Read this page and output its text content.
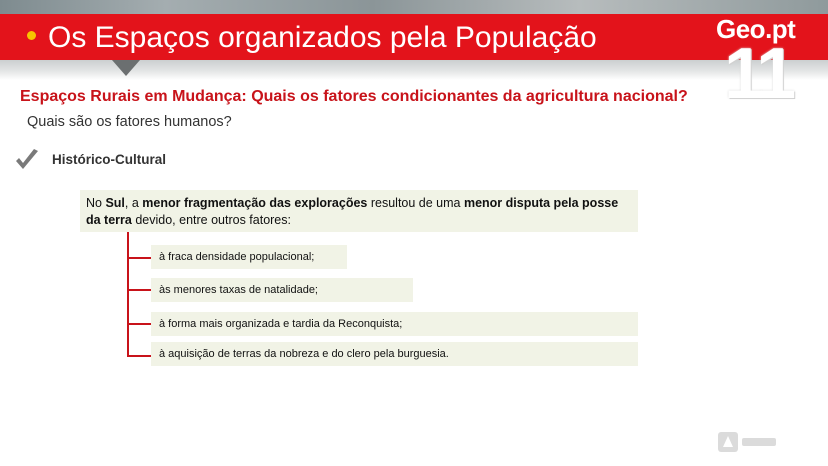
Os Espaços organizados pela População	Geo.pt
11
Espaços Rurais em Mudança: Quais os fatores condicionantes da agricultura nacional?
Quais são os fatores humanos?
Histórico-Cultural
No Sul, a menor fragmentação das explorações resultou de uma menor disputa pela posse da terra devido, entre outros fatores:
à fraca densidade populacional;
às menores taxas de natalidade;
à forma mais organizada e tardia da Reconquista;
à aquisição de terras da nobreza e do clero pela burguesia.
